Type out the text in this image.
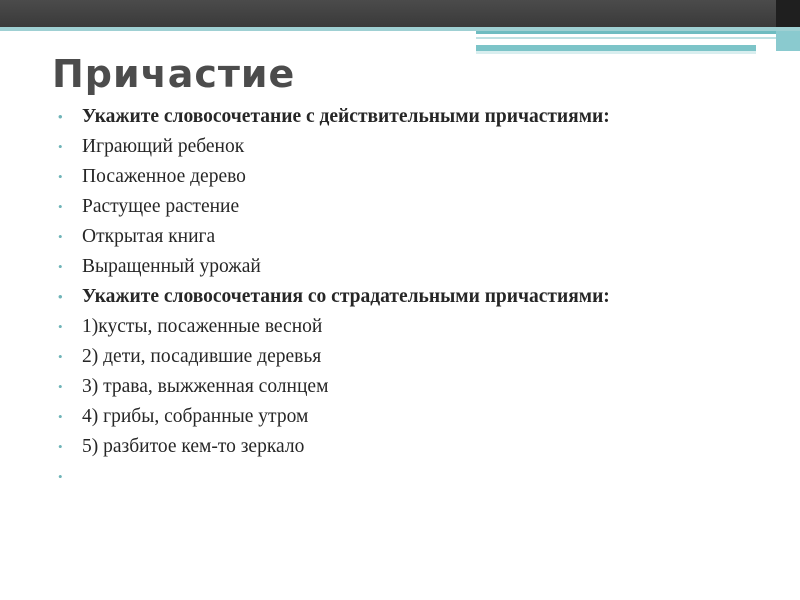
Причастие
• Укажите словосочетание с действительными причастиями:
• Играющий ребенок
• Посаженное дерево
• Растущее растение
• Открытая книга
• Выращенный урожай
• Укажите словосочетания со страдательными причастиями:
• 1)кусты, посаженные весной
• 2) дети, посадившие деревья
• 3) трава, выжженная солнцем
• 4) грибы, собранные утром
• 5) разбитое кем-то зеркало
•
